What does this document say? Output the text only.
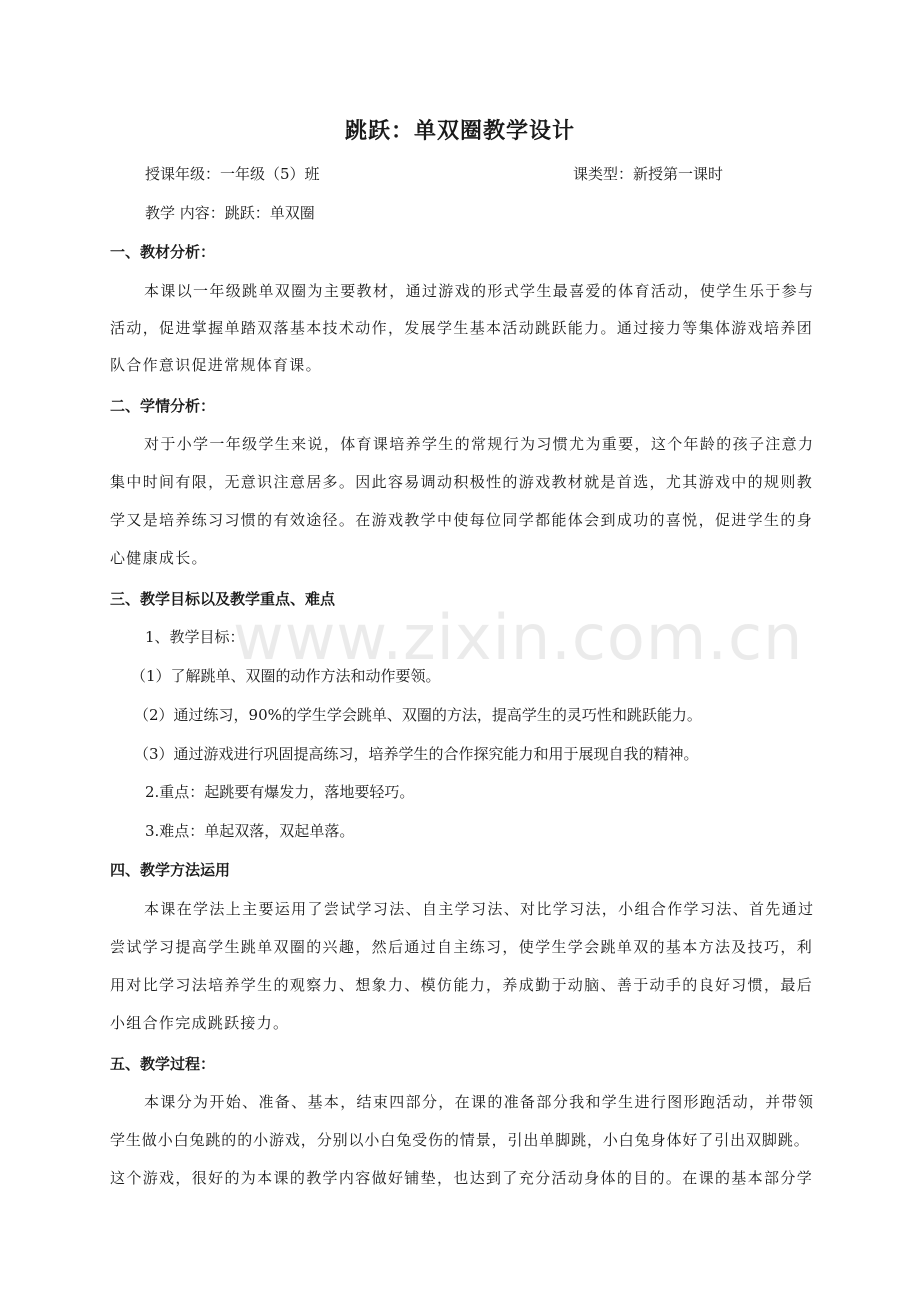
跳跃：单双圈教学设计
授课年级：一年级（5）班	课类型：新授第一课时
教学 内容：跳跃：单双圈
一、教材分析：
本课以一年级跳单双圈为主要教材，通过游戏的形式学生最喜爱的体育活动，使学生乐于参与
活动，促进掌握单踏双落基本技术动作，发展学生基本活动跳跃能力。通过接力等集体游戏培养团
队合作意识促进常规体育课。
二、学情分析：
对于小学一年级学生来说，体育课培养学生的常规行为习惯尤为重要，这个年龄的孩子注意力
集中时间有限，无意识注意居多。因此容易调动积极性的游戏教材就是首选，尤其游戏中的规则教
学又是培养练习习惯的有效途径。在游戏教学中使每位同学都能体会到成功的喜悦，促进学生的身
心健康成长。
三、教学目标以及教学重点、难点
1、教学目标：
（1）了解跳单、双圈的动作方法和动作要领。
（2）通过练习，90%的学生学会跳单、双圈的方法，提高学生的灵巧性和跳跃能力。
（3）通过游戏进行巩固提高练习，培养学生的合作探究能力和用于展现自我的精神。
2.重点：起跳要有爆发力，落地要轻巧。
3.难点：单起双落，双起单落。
四、教学方法运用
本课在学法上主要运用了尝试学习法、自主学习法、对比学习法，小组合作学习法、首先通过
尝试学习提高学生跳单双圈的兴趣，然后通过自主练习，使学生学会跳单双的基本方法及技巧，利
用对比学习法培养学生的观察力、想象力、模仿能力，养成勤于动脑、善于动手的良好习惯，最后
小组合作完成跳跃接力。
五、教学过程：
本课分为开始、准备、基本，结束四部分，在课的准备部分我和学生进行图形跑活动，并带领
学生做小白兔跳的的小游戏，分别以小白兔受伤的情景，引出单脚跳，小白兔身体好了引出双脚跳。
这个游戏，很好的为本课的教学内容做好铺垫，也达到了充分活动身体的目的。在课的基本部分学
www.zixin.com.cn
